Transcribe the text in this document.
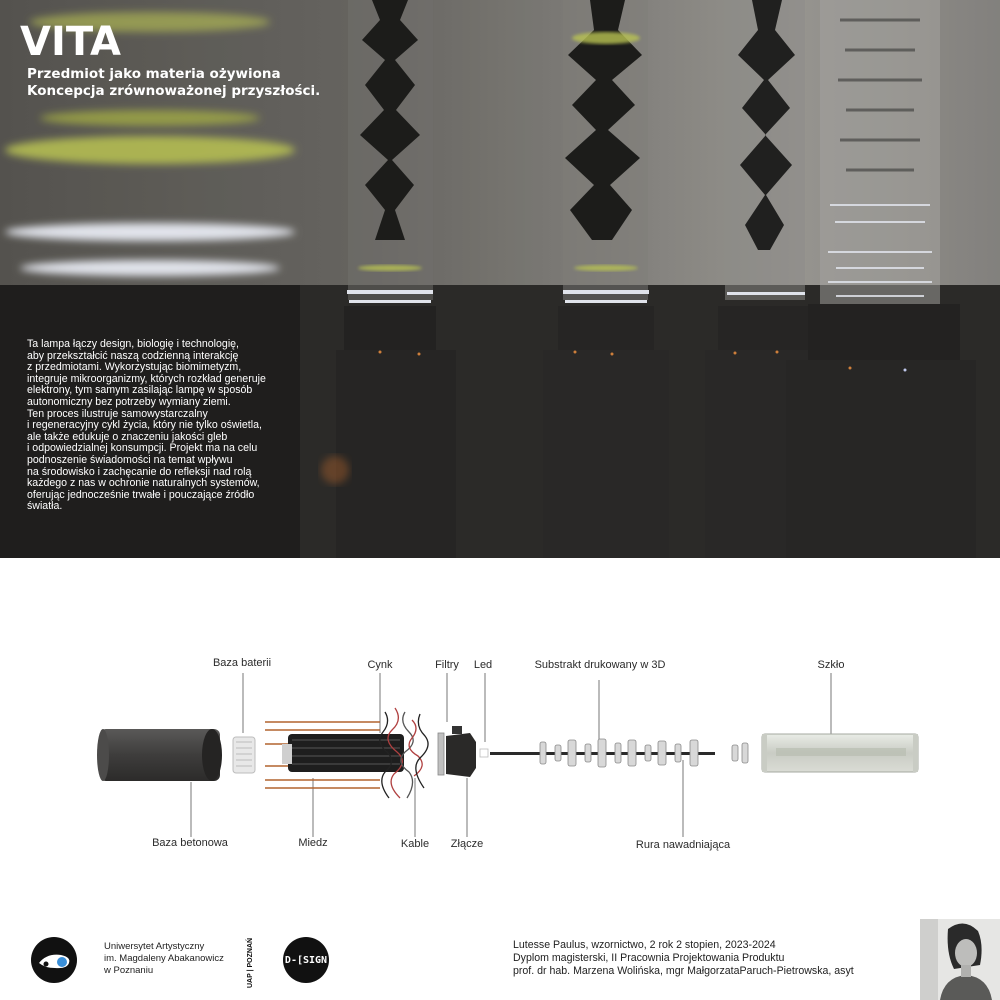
VITA
Przedmiot jako materia ożywiona
Koncepcja zrównoważonej przyszłości.
Ta lampa łączy design, biologię i technologię,
aby przekształcić naszą codzienną interakcję
z przedmiotami. Wykorzystując biomimetyzm,
integruje mikroorganizmy, których rozkład generuje
elektrony, tym samym zasilając lampę w sposób
autonomiczny bez potrzeby wymiany ziemi.
Ten proces ilustruje samowystarczalny
i regeneracyjny cykl życia, który nie tylko oświetla,
ale także edukuje o znaczeniu jakości gleb
i odpowiedzialnej konsumpcji. Projekt ma na celu
podnoszenie świadomości na temat wpływu
na środowisko i zachęcanie do refleksji nad rolą
każdego z nas w ochronie naturalnych systemów,
oferując jednocześnie trwałe i pouczające źródło
światła.
Baza baterii	Cynk	Filtry Led	Substrakt drukowany w 3D	Szkło
Baza betonowa	Miedz	Kable Złącze	Rura nawadniająca
Uniwersytet Artystyczny
im. Magdaleny Abakanowicz
w Poznaniu	UAP | POZNAŃ	D-[SIGN
Lutesse Paulus, wzornictwo, 2 rok 2 stopien, 2023-2024
Dyplom magisterski, II Pracownia Projektowania Produktu
prof. dr hab. Marzena Wolińska, mgr MałgorzataParuch-Pietrowska, asyt
